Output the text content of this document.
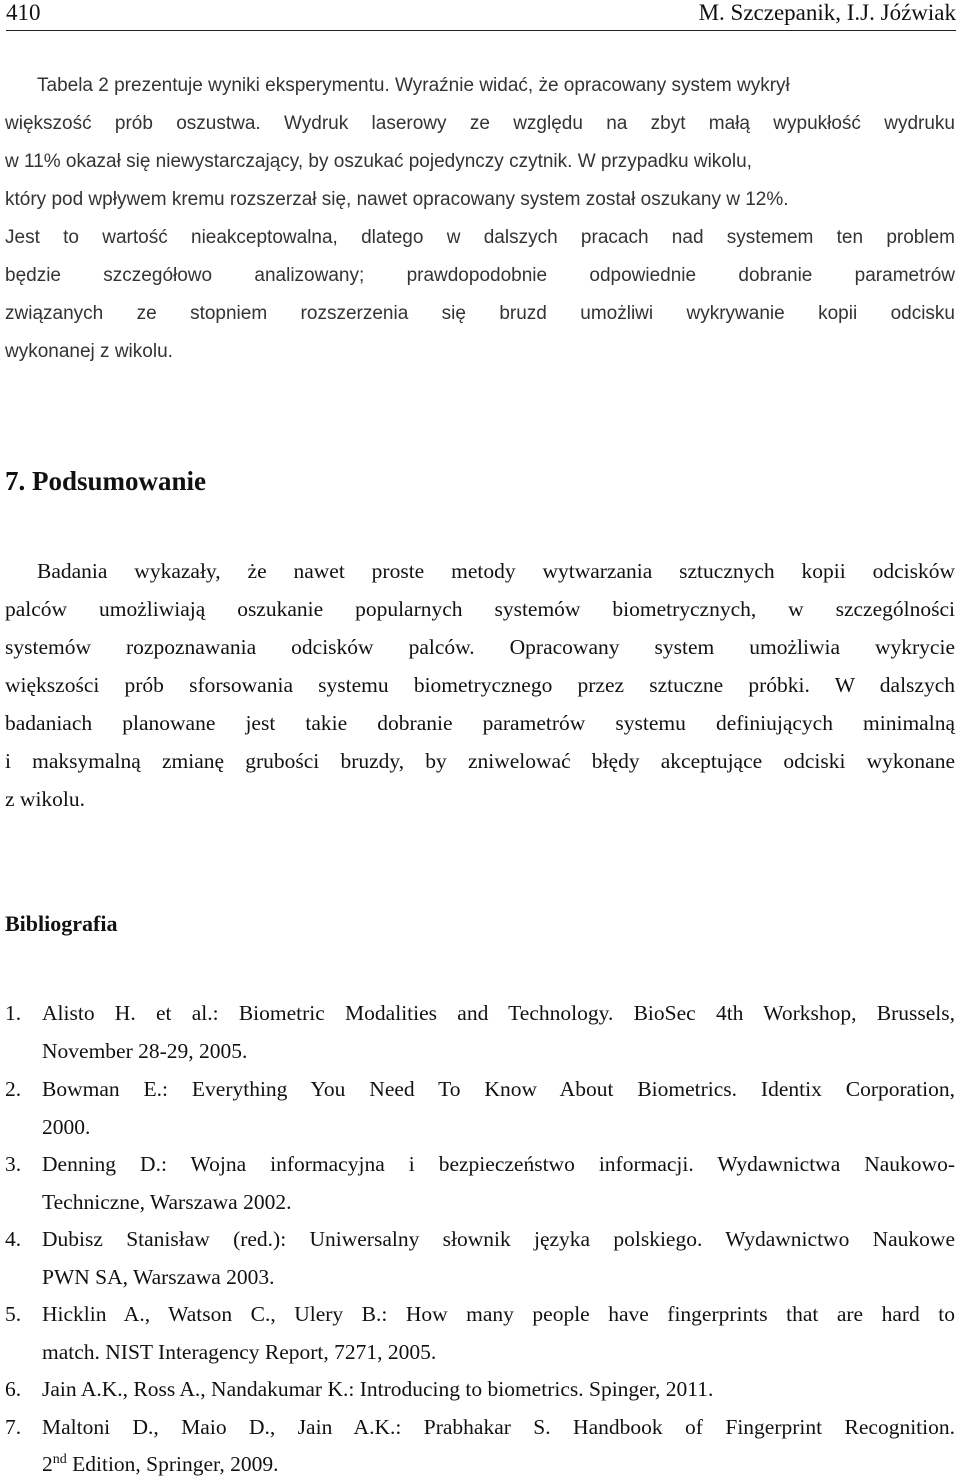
410	M. Szczepanik, I.J. Jóźwiak
Tabela 2 prezentuje wyniki eksperymentu. Wyraźnie widać, że opracowany system wykrył
większość prób oszustwa. Wydruk laserowy ze względu na zbyt małą wypukłość wydruku
w 11% okazał się niewystarczający, by oszukać pojedynczy czytnik. W przypadku wikolu,
który pod wpływem kremu rozszerzał się, nawet opracowany system został oszukany w 12%.
Jest to wartość nieakceptowalna, dlatego w dalszych pracach nad systemem ten problem
będzie szczegółowo analizowany; prawdopodobnie odpowiednie dobranie parametrów
związanych ze stopniem rozszerzenia się bruzd umożliwi wykrywanie kopii odcisku
wykonanej z wikolu.
7. Podsumowanie
Badania wykazały, że nawet proste metody wytwarzania sztucznych kopii odcisków
palców umożliwiają oszukanie popularnych systemów biometrycznych, w szczególności
systemów rozpoznawania odcisków palców. Opracowany system umożliwia wykrycie
większości prób sforsowania systemu biometrycznego przez sztuczne próbki. W dalszych
badaniach planowane jest takie dobranie parametrów systemu definiujących minimalną
i maksymalną zmianę grubości bruzdy, by zniwelować błędy akceptujące odciski wykonane
z wikolu.
Bibliografia
1. Alisto H. et al.: Biometric Modalities and Technology. BioSec 4th Workshop, Brussels,
November 28-29, 2005.
2. Bowman E.: Everything You Need To Know About Biometrics. Identix Corporation,
2000.
3. Denning D.: Wojna informacyjna i bezpieczeństwo informacji. Wydawnictwa Naukowo-
Techniczne, Warszawa 2002.
4. Dubisz Stanisław (red.): Uniwersalny słownik języka polskiego. Wydawnictwo Naukowe
PWN SA, Warszawa 2003.
5. Hicklin A., Watson C., Ulery B.: How many people have fingerprints that are hard to
match. NIST Interagency Report, 7271, 2005.
6. Jain A.K., Ross A., Nandakumar K.: Introducing to biometrics. Spinger, 2011.
7. Maltoni D., Maio D., Jain A.K.: Prabhakar S. Handbook of Fingerprint Recognition.
2nd Edition, Springer, 2009.
